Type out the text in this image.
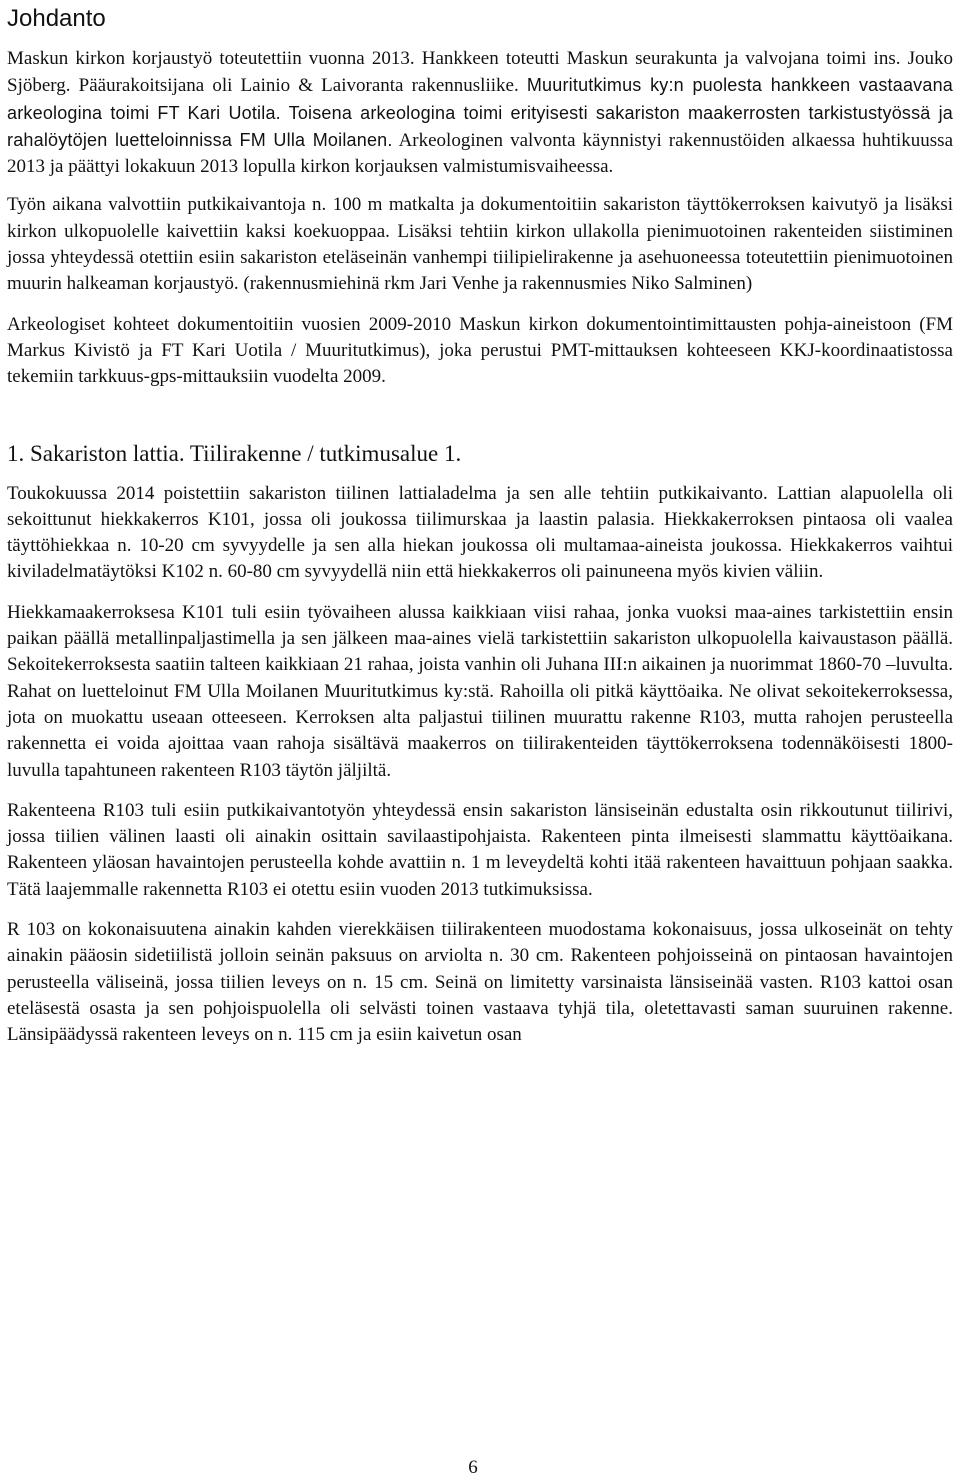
Johdanto

Maskun kirkon korjaustyö toteutettiin vuonna 2013. Hankkeen toteutti Maskun seurakunta ja valvojana toimi ins. Jouko Sjöberg. Pääurakoitsijana oli Lainio & Laivoranta rakennusliike. Muuritutkimus ky:n puolesta hankkeen vastaavana arkeologina toimi FT Kari Uotila. Toisena arkeologina toimi erityisesti sakariston maakerrosten tarkistustyössä ja rahalöytöjen luetteloinnissa FM Ulla Moilanen. Arkeologinen valvonta käynnistyi rakennustöiden alkaessa huhtikuussa 2013 ja päättyi lokakuun 2013 lopulla kirkon korjauksen valmistumisvaiheessa.

Työn aikana valvottiin putkikaivantoja n. 100 m matkalta ja dokumentoitiin sakariston täyttökerroksen kaivutyö ja lisäksi kirkon ulkopuolelle kaivettiin kaksi koekuoppaa. Lisäksi tehtiin kirkon ullakolla pienimuotoinen rakenteiden siistiminen jossa yhteydessä otettiin esiin sakariston eteläseinän vanhempi tiilipielirakenne ja asehuoneessa toteutettiin pienimuotoinen muurin halkeaman korjaustyö. (rakennusmiehinä rkm Jari Venhe ja rakennusmies Niko Salminen)

Arkeologiset kohteet dokumentoitiin vuosien 2009-2010 Maskun kirkon dokumentointimittausten pohja-aineistoon (FM Markus Kivistö ja FT Kari Uotila / Muuritutkimus), joka perustui PMT-mittauksen kohteeseen KKJ-koordinaatistossa tekemiin tarkkuus-gps-mittauksiin vuodelta 2009.

1. Sakariston lattia. Tiilirakenne / tutkimusalue 1.

Toukokuussa 2014 poistettiin sakariston tiilinen lattialadelma ja sen alle tehtiin putkikaivanto. Lattian alapuolella oli sekoittunut hiekkakerros K101, jossa oli joukossa tiilimurskaa ja laastin palasia. Hiekkakerroksen pintaosa oli vaalea täyttöhiekkaa n. 10-20 cm syvyydelle ja sen alla hiekan joukossa oli multamaa-aineista joukossa. Hiekkakerros vaihtui kiviladelmatäytöksi K102 n. 60-80 cm syvyydellä niin että hiekkakerros oli painuneena myös kivien väliin.

Hiekkamaakerroksesa K101 tuli esiin työvaiheen alussa kaikkiaan viisi rahaa, jonka vuoksi maa-aines tarkistettiin ensin paikan päällä metallinpaljastimella ja sen jälkeen maa-aines vielä tarkistettiin sakariston ulkopuolella kaivaustason päällä. Sekoitekerroksesta saatiin talteen kaikkiaan 21 rahaa, joista vanhin oli Juhana III:n aikainen ja nuorimmat 1860-70 –luvulta. Rahat on luetteloinut FM Ulla Moilanen Muuritutkimus ky:stä. Rahoilla oli pitkä käyttöaika. Ne olivat sekoitekerroksessa, jota on muokattu useaan otteeseen. Kerroksen alta paljastui tiilinen muurattu rakenne R103, mutta rahojen perusteella rakennetta ei voida ajoittaa vaan rahoja sisältävä maakerros on tiilirakenteiden täyttökerroksena todennäköisesti 1800-luvulla tapahtuneen rakenteen R103 täytön jäljiltä.

Rakenteena R103 tuli esiin putkikaivantotyön yhteydessä ensin sakariston länsiseinän edustalta osin rikkoutunut tiilirivi, jossa tiilien välinen laasti oli ainakin osittain savilaastipohjaista. Rakenteen pinta ilmeisesti slammattu käyttöaikana. Rakenteen yläosan havaintojen perusteella kohde avattiin n. 1 m leveydeltä kohti itää rakenteen havaittuun pohjaan saakka. Tätä laajemmalle rakennetta R103 ei otettu esiin vuoden 2013 tutkimuksissa.

R 103 on kokonaisuutena ainakin kahden vierekkäisen tiilirakenteen muodostama kokonaisuus, jossa ulkoseinät on tehty ainakin pääosin sidetiilistä jolloin seinän paksuus on arviolta n. 30 cm. Rakenteen pohjoisseinä on pintaosan havaintojen perusteella väliseinä, jossa tiilien leveys on n. 15 cm. Seinä on limitetty varsinaista länsiseinää vasten. R103 kattoi osan eteläsestä osasta ja sen pohjoispuolella oli selvästi toinen vastaava tyhjä tila, oletettavasti saman suuruinen rakenne. Länsipäädyssä rakenteen leveys on n. 115 cm ja esiin kaivetun osan

6
